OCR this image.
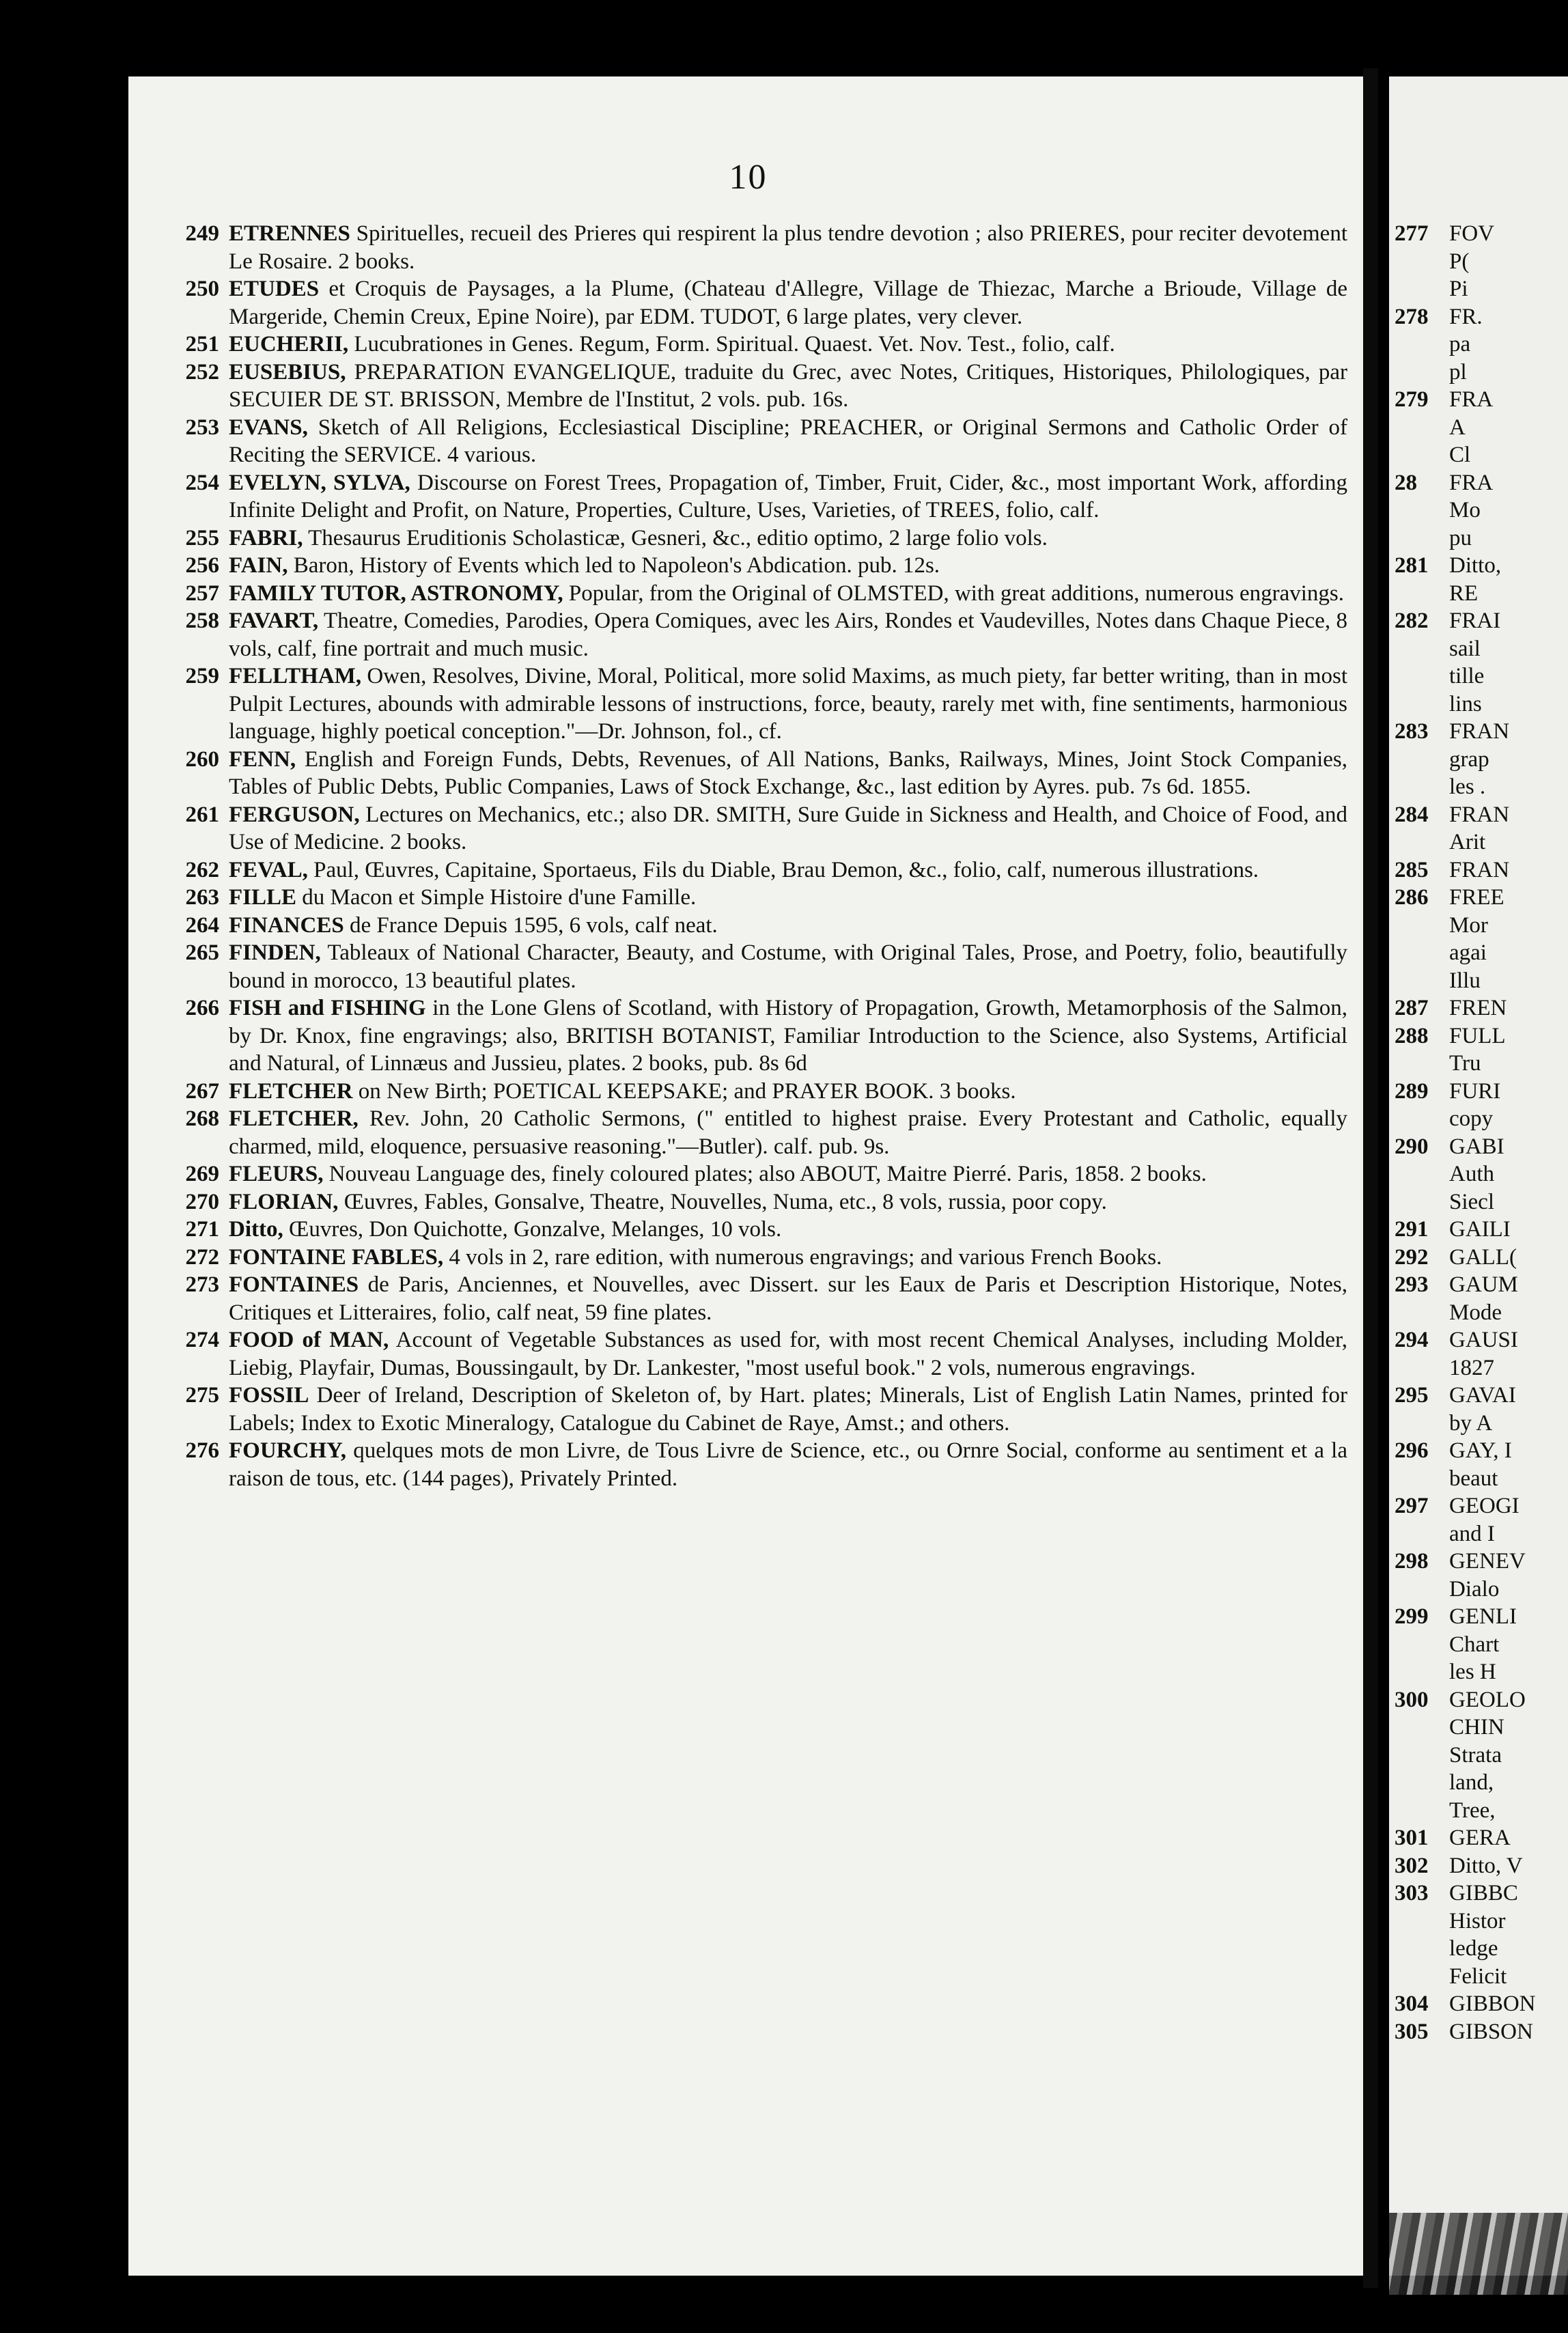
10
249 ETRENNES Spirituelles, recueil des Prieres qui respirent la plus tendre devotion ; also PRIERES, pour reciter devotement Le Rosaire. 2 books.
250 ETUDES et Croquis de Paysages, a la Plume, (Chateau d'Allegre, Village de Thiezac, Marche a Brioude, Village de Margeride, Chemin Creux, Epine Noire), par EDM. TUDOT, 6 large plates, very clever.
251 EUCHERII, Lucubrationes in Genes. Regum, Form. Spiritual. Quaest. Vet. Nov. Test., folio, calf.
252 EUSEBIUS, PREPARATION EVANGELIQUE, traduite du Grec, avec Notes, Critiques, Historiques, Philologiques, par SECUIER DE ST. BRISSON, Membre de l'Institut, 2 vols. pub. 16s.
253 EVANS, Sketch of All Religions, Ecclesiastical Discipline; PREACHER, or Original Sermons and Catholic Order of Reciting the SERVICE. 4 various.
254 EVELYN, SYLVA, Discourse on Forest Trees, Propagation of, Timber, Fruit, Cider, &c., most important Work, affording Infinite Delight and Profit, on Nature, Properties, Culture, Uses, Varieties, of TREES, folio, calf.
255 FABRI, Thesaurus Eruditionis Scholasticæ, Gesneri, &c., editio optimo, 2 large folio vols.
256 FAIN, Baron, History of Events which led to Napoleon's Abdication. pub. 12s.
257 FAMILY TUTOR, ASTRONOMY, Popular, from the Original of OLMSTED, with great additions, numerous engravings.
258 FAVART, Theatre, Comedies, Parodies, Opera Comiques, avec les Airs, Rondes et Vaudevilles, Notes dans Chaque Piece, 8 vols, calf, fine portrait and much music.
259 FELLTHAM, Owen, Resolves, Divine, Moral, Political, more solid Maxims, as much piety, far better writing, than in most Pulpit Lectures, abounds with admirable lessons of instructions, force, beauty, rarely met with, fine sentiments, harmonious language, highly poetical conception."—Dr. Johnson, fol., cf.
260 FENN, English and Foreign Funds, Debts, Revenues, of All Nations, Banks, Railways, Mines, Joint Stock Companies, Tables of Public Debts, Public Companies, Laws of Stock Exchange, &c., last edition by Ayres. pub. 7s 6d. 1855.
261 FERGUSON, Lectures on Mechanics, etc.; also DR. SMITH, Sure Guide in Sickness and Health, and Choice of Food, and Use of Medicine. 2 books.
262 FEVAL, Paul, Œuvres, Capitaine, Sportaeus, Fils du Diable, Brau Demon, &c., folio, calf, numerous illustrations.
263 FILLE du Macon et Simple Histoire d'une Famille.
264 FINANCES de France Depuis 1595, 6 vols, calf neat.
265 FINDEN, Tableaux of National Character, Beauty, and Costume, with Original Tales, Prose, and Poetry, folio, beautifully bound in morocco, 13 beautiful plates.
266 FISH and FISHING in the Lone Glens of Scotland, with History of Propagation, Growth, Metamorphosis of the Salmon, by Dr. Knox, fine engravings; also, BRITISH BOTANIST, Familiar Introduction to the Science, also Systems, Artificial and Natural, of Linnæus and Jussieu, plates. 2 books, pub. 8s 6d
267 FLETCHER on New Birth; POETICAL KEEPSAKE; and PRAYER BOOK. 3 books.
268 FLETCHER, Rev. John, 20 Catholic Sermons, (" entitled to highest praise. Every Protestant and Catholic, equally charmed, mild, eloquence, persuasive reasoning."—Butler). calf. pub. 9s.
269 FLEURS, Nouveau Language des, finely coloured plates; also ABOUT, Maitre Pierré. Paris, 1858. 2 books.
270 FLORIAN, Œuvres, Fables, Gonsalve, Theatre, Nouvelles, Numa, etc., 8 vols, russia, poor copy.
271 Ditto, Œuvres, Don Quichotte, Gonzalve, Melanges, 10 vols.
272 FONTAINE FABLES, 4 vols in 2, rare edition, with numerous engravings; and various French Books.
273 FONTAINES de Paris, Anciennes, et Nouvelles, avec Dissert. sur les Eaux de Paris et Description Historique, Notes, Critiques et Litteraires, folio, calf neat, 59 fine plates.
274 FOOD of MAN, Account of Vegetable Substances as used for, with most recent Chemical Analyses, including Molder, Liebig, Playfair, Dumas, Boussingault, by Dr. Lankester, "most useful book." 2 vols, numerous engravings.
275 FOSSIL Deer of Ireland, Description of Skeleton of, by Hart. plates; Minerals, List of English Latin Names, printed for Labels; Index to Exotic Mineralogy, Catalogue du Cabinet de Raye, Amst.; and others.
276 FOURCHY, quelques mots de mon Livre, de Tous Livre de Science, etc., ou Ornre Social, conforme au sentiment et a la raison de tous, etc. (144 pages), Privately Printed.
277 FOV
P(
Pi
278 FR.
pa
pl
279 FRA
A
Cl
28 FRA
Mo
pu
281 Ditto,
RE
282 FRAI
sail
tille
lins
283 FRAN
grap
les .
284 FRAN
Arit
285 FRAN
286 FREE
Mor
agai
Illu
287 FREN
288 FULL
Tru
289 FURI
copy
290 GABI
Auth
Siecl
291 GAILI
292 GALL(
293 GAUM
Mode
294 GAUSI
1827
295 GAVAI
by A
296 GAY, I
beaut
297 GEOGI
and I
298 GENEV
Dialo
299 GENLI
Chart
les H
300 GEOLO
CHIN
Strata
land,
Tree,
301 GERA
302 Ditto, V
303 GIBBC
Histor
ledge
Felicit
304 GIBBON
305 GIBSON
